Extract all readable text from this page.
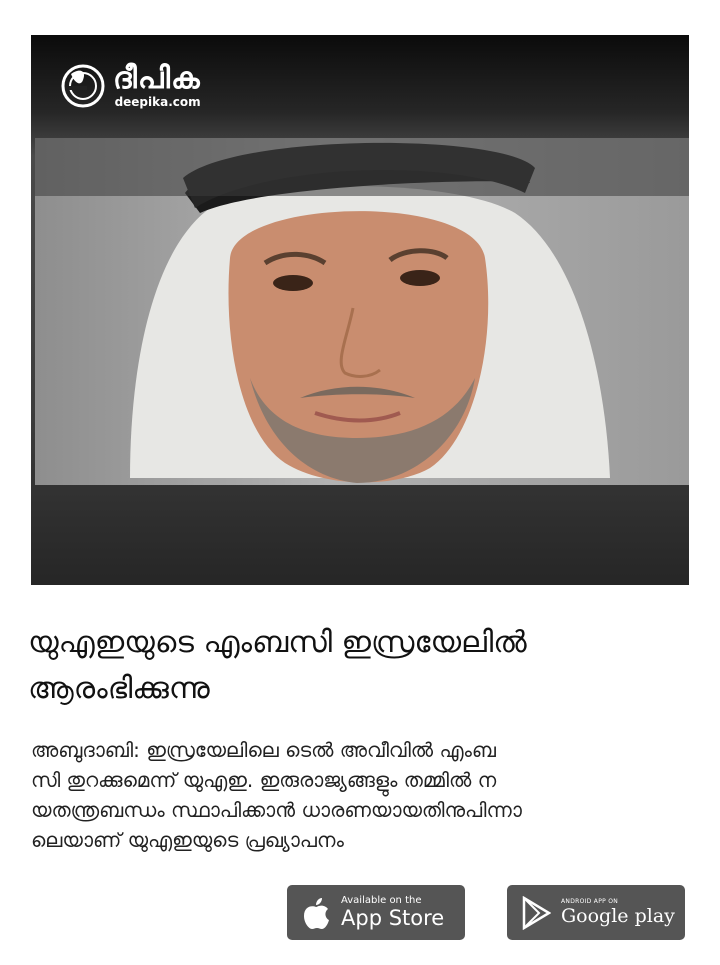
ദീപിക
deepika.com
യുഎഇയുടെ എംബസി ഇസ്രയേലിൽ
ആരംഭിക്കുന്നു
അബുദാബി: ഇസ്രയേലിലെ ടെൽ അവീവിൽ എംബ
സി തുറക്കുമെന്ന് യുഎഇ. ഇരുരാജ്യങ്ങളും തമ്മിൽ ന
യതന്ത്രബന്ധം സ്ഥാപിക്കാൻ ധാരണയായതിനുപിന്നാ
ലെയാണ് യുഎഇയുടെ പ്രഖ്യാപനം
Available on the
App Store
ANDROID APP ON
Google play
